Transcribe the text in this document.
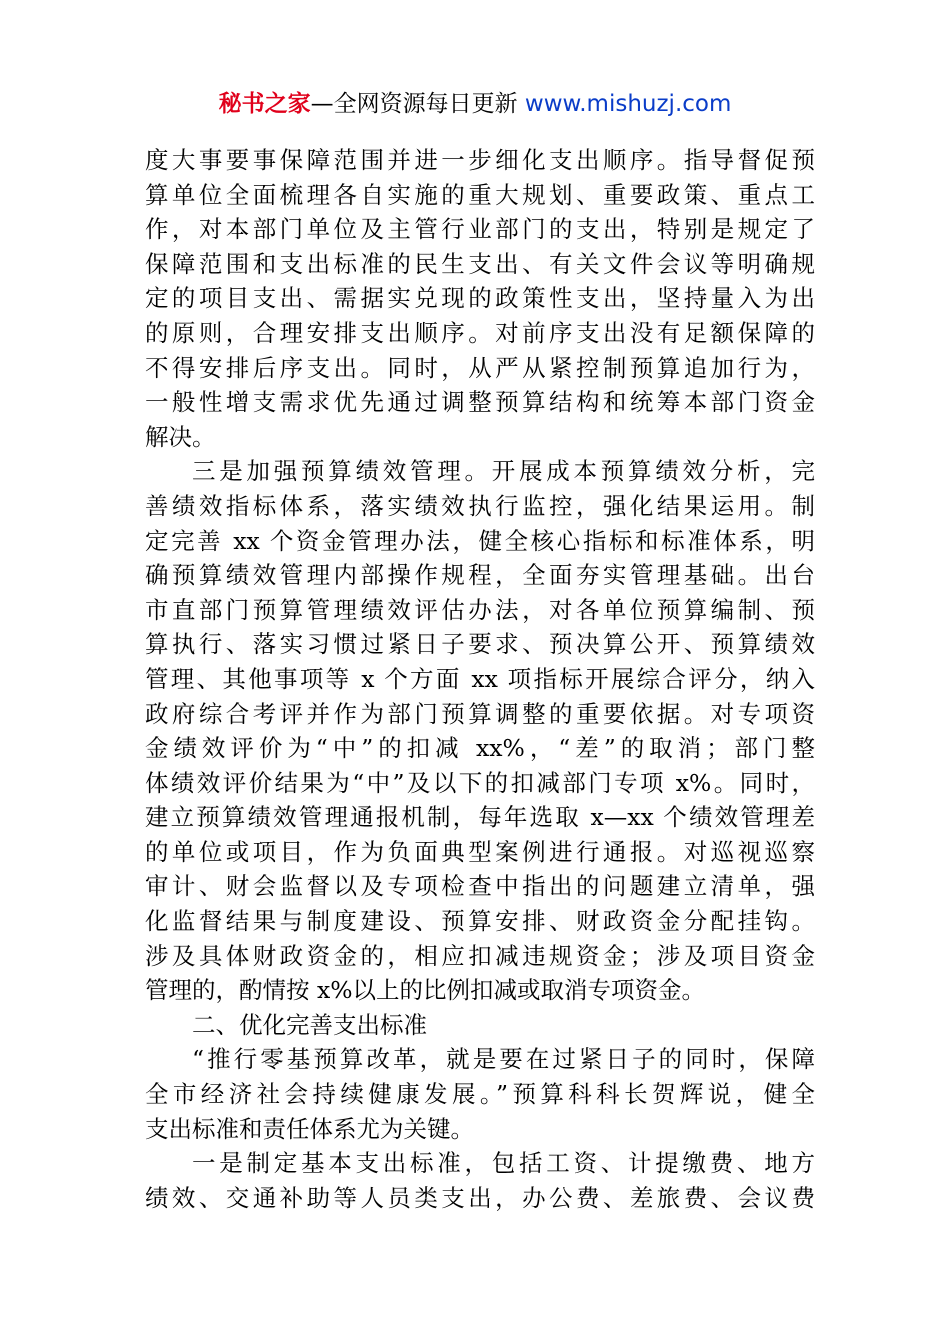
秘书之家—全网资源每日更新 www.mishuzj.com
度大事要事保障范围并进一步细化支出顺序。指导督促预
算单位全面梳理各自实施的重大规划、重要政策、重点工
作，对本部门单位及主管行业部门的支出，特别是规定了
保障范围和支出标准的民生支出、有关文件会议等明确规
定的项目支出、需据实兑现的政策性支出，坚持量入为出
的原则，合理安排支出顺序。对前序支出没有足额保障的
不得安排后序支出。同时，从严从紧控制预算追加行为，
一般性增支需求优先通过调整预算结构和统筹本部门资金
解决。
三是加强预算绩效管理。开展成本预算绩效分析，完
善绩效指标体系，落实绩效执行监控，强化结果运用。制
定完善 xx 个资金管理办法，健全核心指标和标准体系，明
确预算绩效管理内部操作规程，全面夯实管理基础。出台
市直部门预算管理绩效评估办法，对各单位预算编制、预
算执行、落实习惯过紧日子要求、预决算公开、预算绩效
管理、其他事项等 x 个方面 xx 项指标开展综合评分，纳入
政府综合考评并作为部门预算调整的重要依据。对专项资
金绩效评价为“中”的扣减 xx%，“差”的取消；部门整
体绩效评价结果为“中”及以下的扣减部门专项 x%。同时，
建立预算绩效管理通报机制，每年选取 x—xx 个绩效管理差
的单位或项目，作为负面典型案例进行通报。对巡视巡察
审计、财会监督以及专项检查中指出的问题建立清单，强
化监督结果与制度建设、预算安排、财政资金分配挂钩。
涉及具体财政资金的，相应扣减违规资金；涉及项目资金
管理的，酌情按 x%以上的比例扣减或取消专项资金。
二、优化完善支出标准
“推行零基预算改革，就是要在过紧日子的同时，保障
全市经济社会持续健康发展。”预算科科长贺辉说，健全
支出标准和责任体系尤为关键。
一是制定基本支出标准，包括工资、计提缴费、地方
绩效、交通补助等人员类支出，办公费、差旅费、会议费
